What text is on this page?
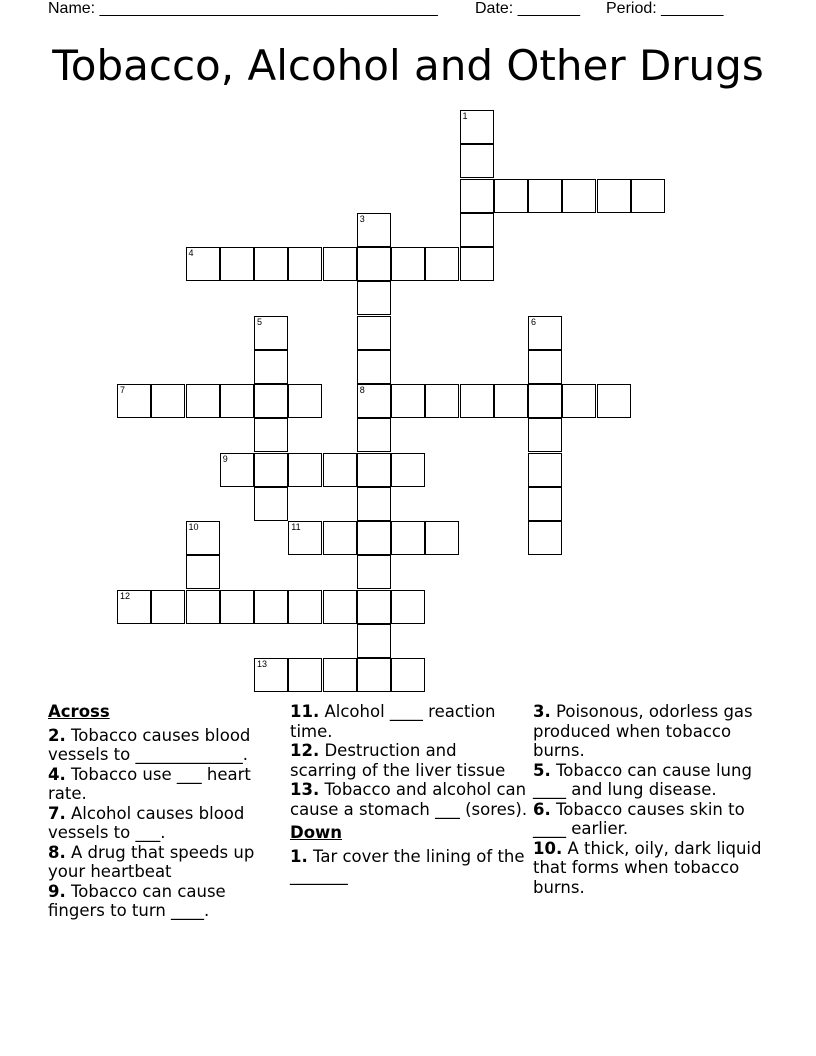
Name: ______________________________________ Date: _______ Period: _______
Tobacco, Alcohol and Other Drugs
1
4
3
5	6
7	8
9
11
10
12
13
Across
2. Tobacco causes blood vessels to _____________.
4. Tobacco use ___ heart rate.
7. Alcohol causes blood vessels to ___.
8. A drug that speeds up your heartbeat
9. Tobacco can cause fingers to turn ____.
11. Alcohol ____ reaction time.
12. Destruction and scarring of the liver tissue
13. Tobacco and alcohol can cause a stomach ___ (sores).
Down
1. Tar cover the lining of the _______
3. Poisonous, odorless gas produced when tobacco burns.
5. Tobacco can cause lung ____ and lung disease.
6. Tobacco causes skin to ____ earlier.
10. A thick, oily, dark liquid that forms when tobacco burns.
